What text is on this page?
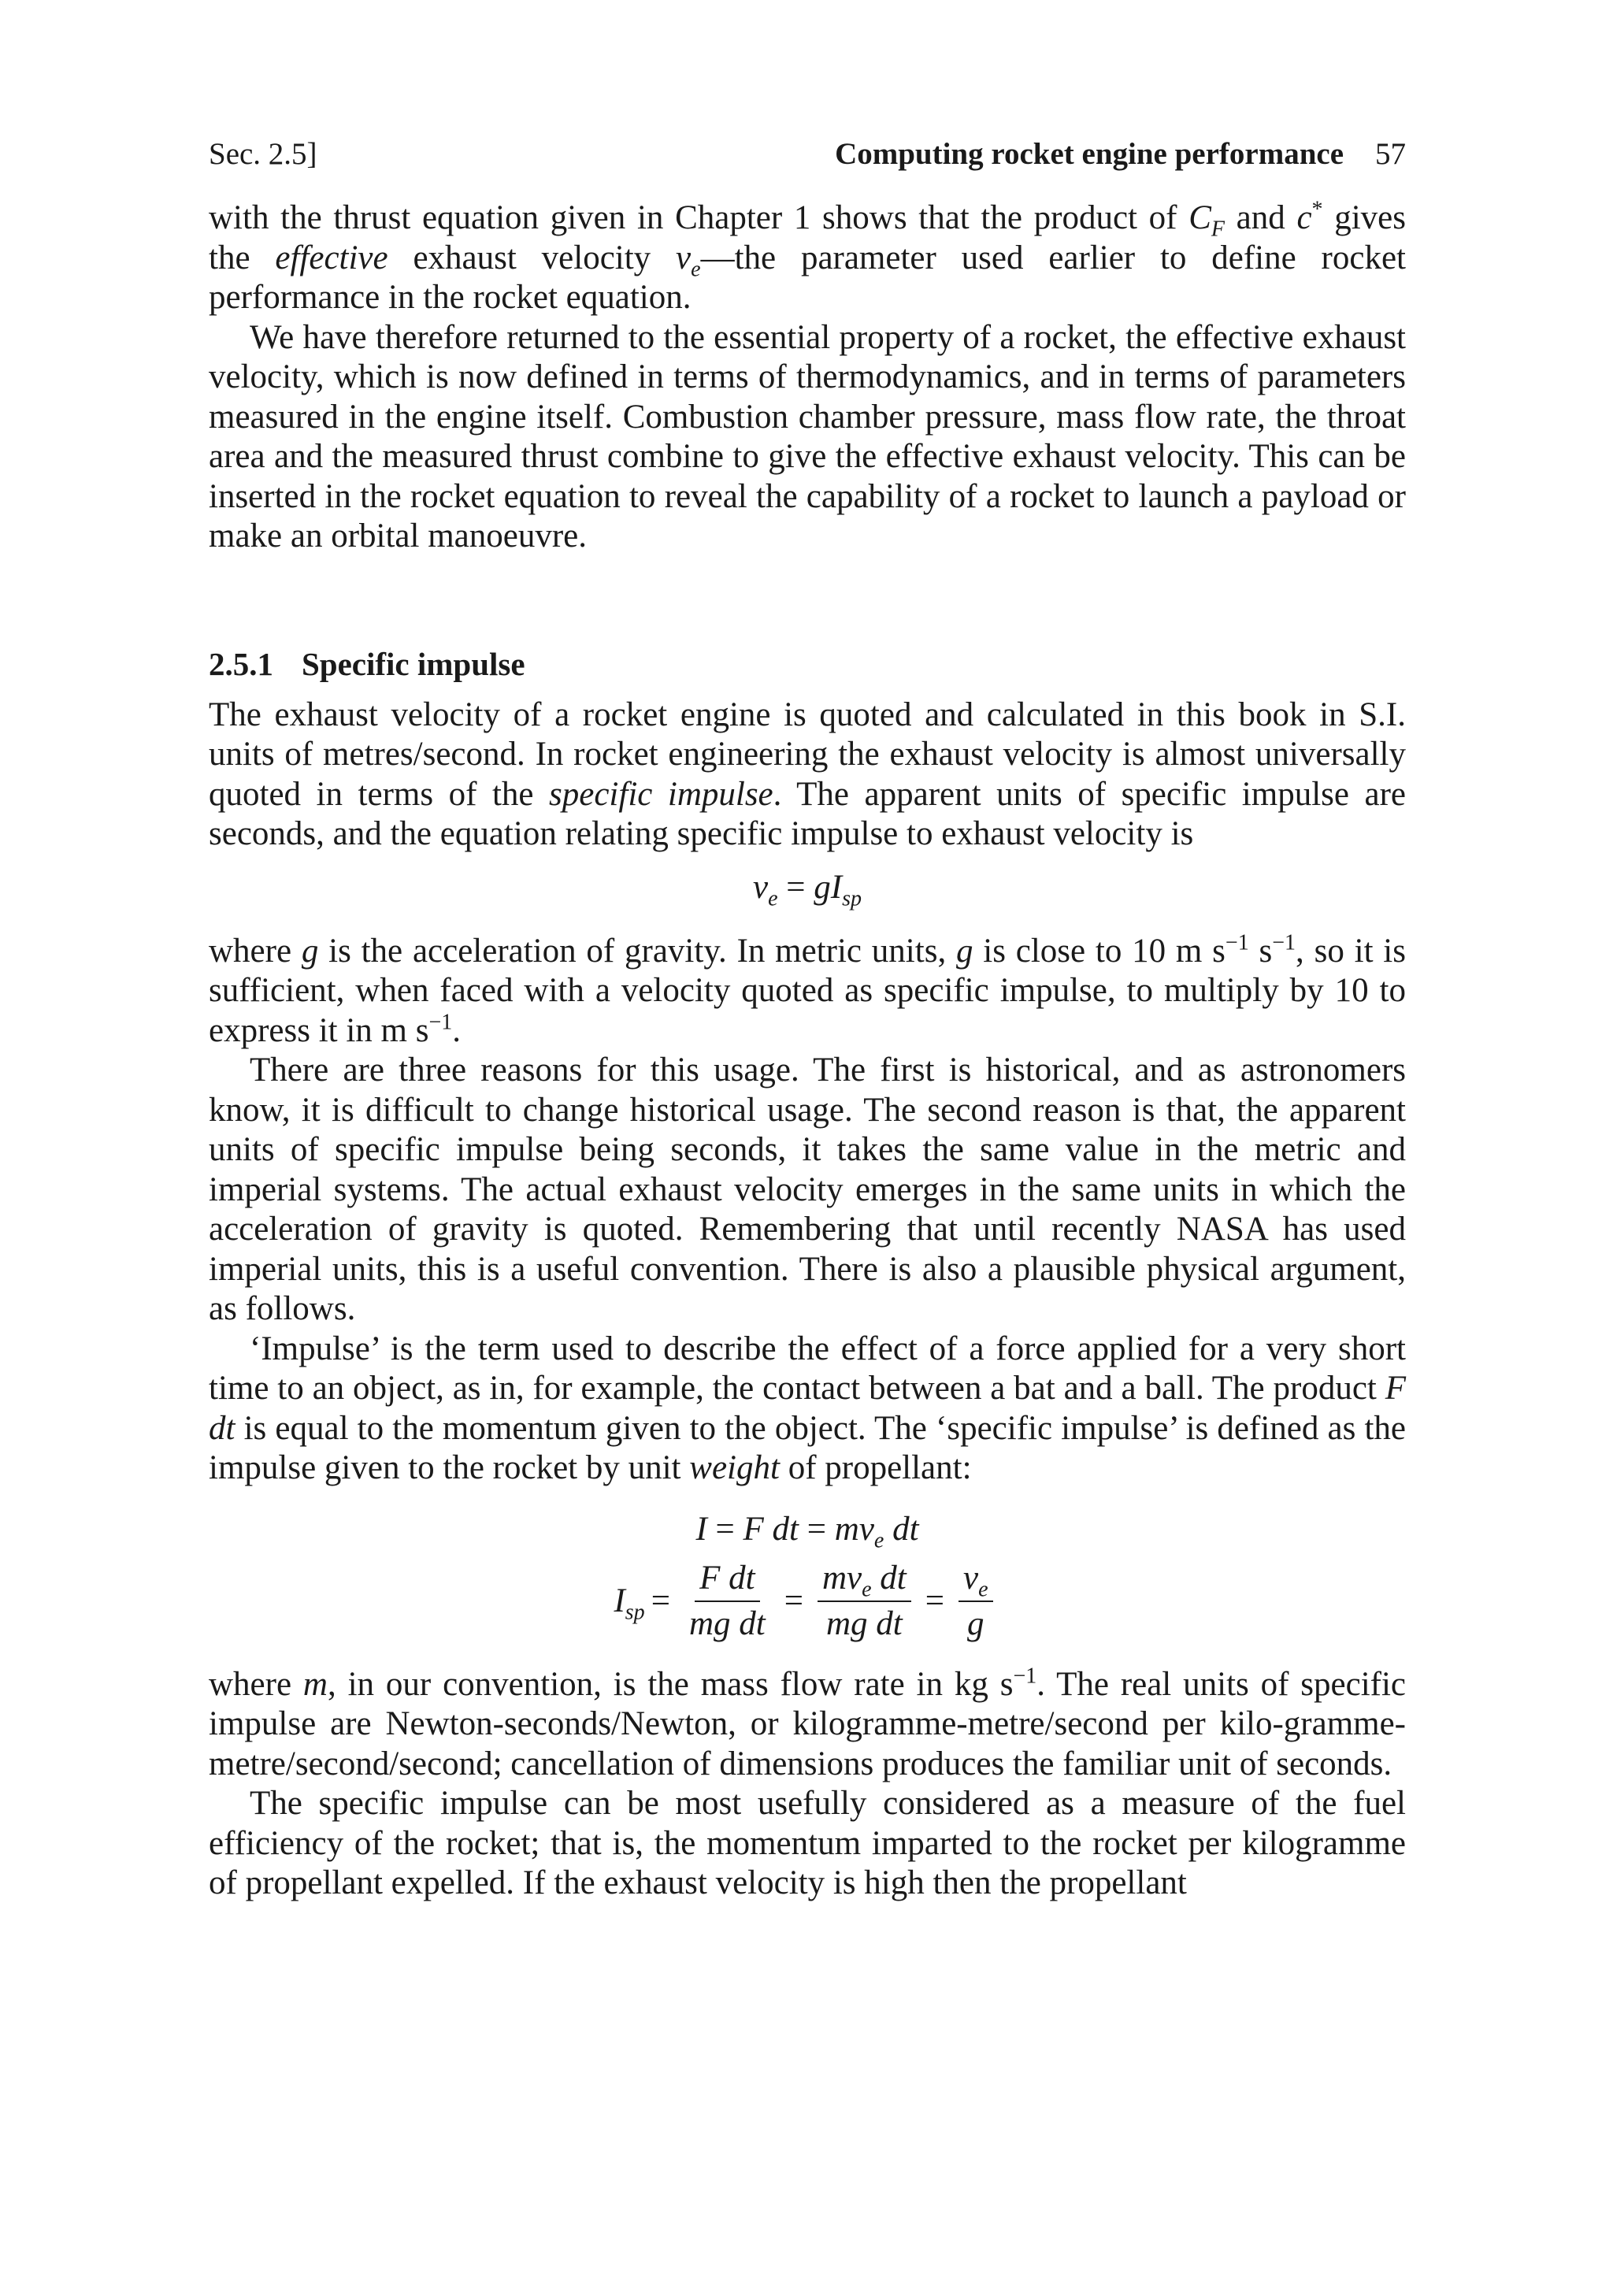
Sec. 2.5]	Computing rocket engine performance 57

with the thrust equation given in Chapter 1 shows that the product of $C_F$ and c* gives the effective exhaust velocity $v_e—the$ parameter used earlier to define rocket performance in the rocket equation.

We have therefore returned to the essential property of a rocket, the effective exhaust velocity, which is now defined in terms of thermodynamics, and in terms of parameters measured in the engine itself. Combustion chamber pressure, mass flow rate, the throat area and the measured thrust combine to give the effective exhaust velocity. This can be inserted in the rocket equation to reveal the capability of a rocket to launch a payload or make an orbital manoeuvre.

2.5.1 Specific impulse

The exhaust velocity of a rocket engine is quoted and calculated in this book in S.I. units of metres/second. In rocket engineering the exhaust velocity is almost universally quoted in terms of the specific impulse. The apparent units of specific impulse are seconds, and the equation relating specific impulse to exhaust velocity is

$v_e = gI_{sp}$

where g is the acceleration of gravity. In metric units, g is close to 10 m $s^{-1}$ $s^{-1}$, so it is sufficient, when faced with a velocity quoted as specific impulse, to multiply by 10 to express it in m $s^{-1}$.

There are three reasons for this usage. The first is historical, and as astronomers know, it is difficult to change historical usage. The second reason is that, the apparent units of specific impulse being seconds, it takes the same value in the metric and imperial systems. The actual exhaust velocity emerges in the same units in which the acceleration of gravity is quoted. Remembering that until recently NASA has used imperial units, this is a useful convention. There is also a plausible physical argument, as follows.

‘Impulse’ is the term used to describe the effect of a force applied for a very short time to an object, as in, for example, the contact between a bat and a ball. The product F dt is equal to the momentum given to the object. The ‘specific impulse’ is defined as the impulse given to the rocket by unit weight of propellant:

I = F dt = $mv_e$ dt
$I_{sp} = \frac{\text{F dt}}{\text{mg dt}} = \frac{mv_e dt}{\text{mg dt}} = \frac{v_e}{g}$

where m, in our convention, is the mass flow rate in kg $s^{-1}$. The real units of specific impulse are Newton-seconds/Newton, or kilogramme-metre/second per kilo-gramme-metre/second/second; cancellation of dimensions produces the familiar unit of seconds.

The specific impulse can be most usefully considered as a measure of the fuel efficiency of the rocket; that is, the momentum imparted to the rocket per kilogramme of propellant expelled. If the exhaust velocity is high then the propellant
